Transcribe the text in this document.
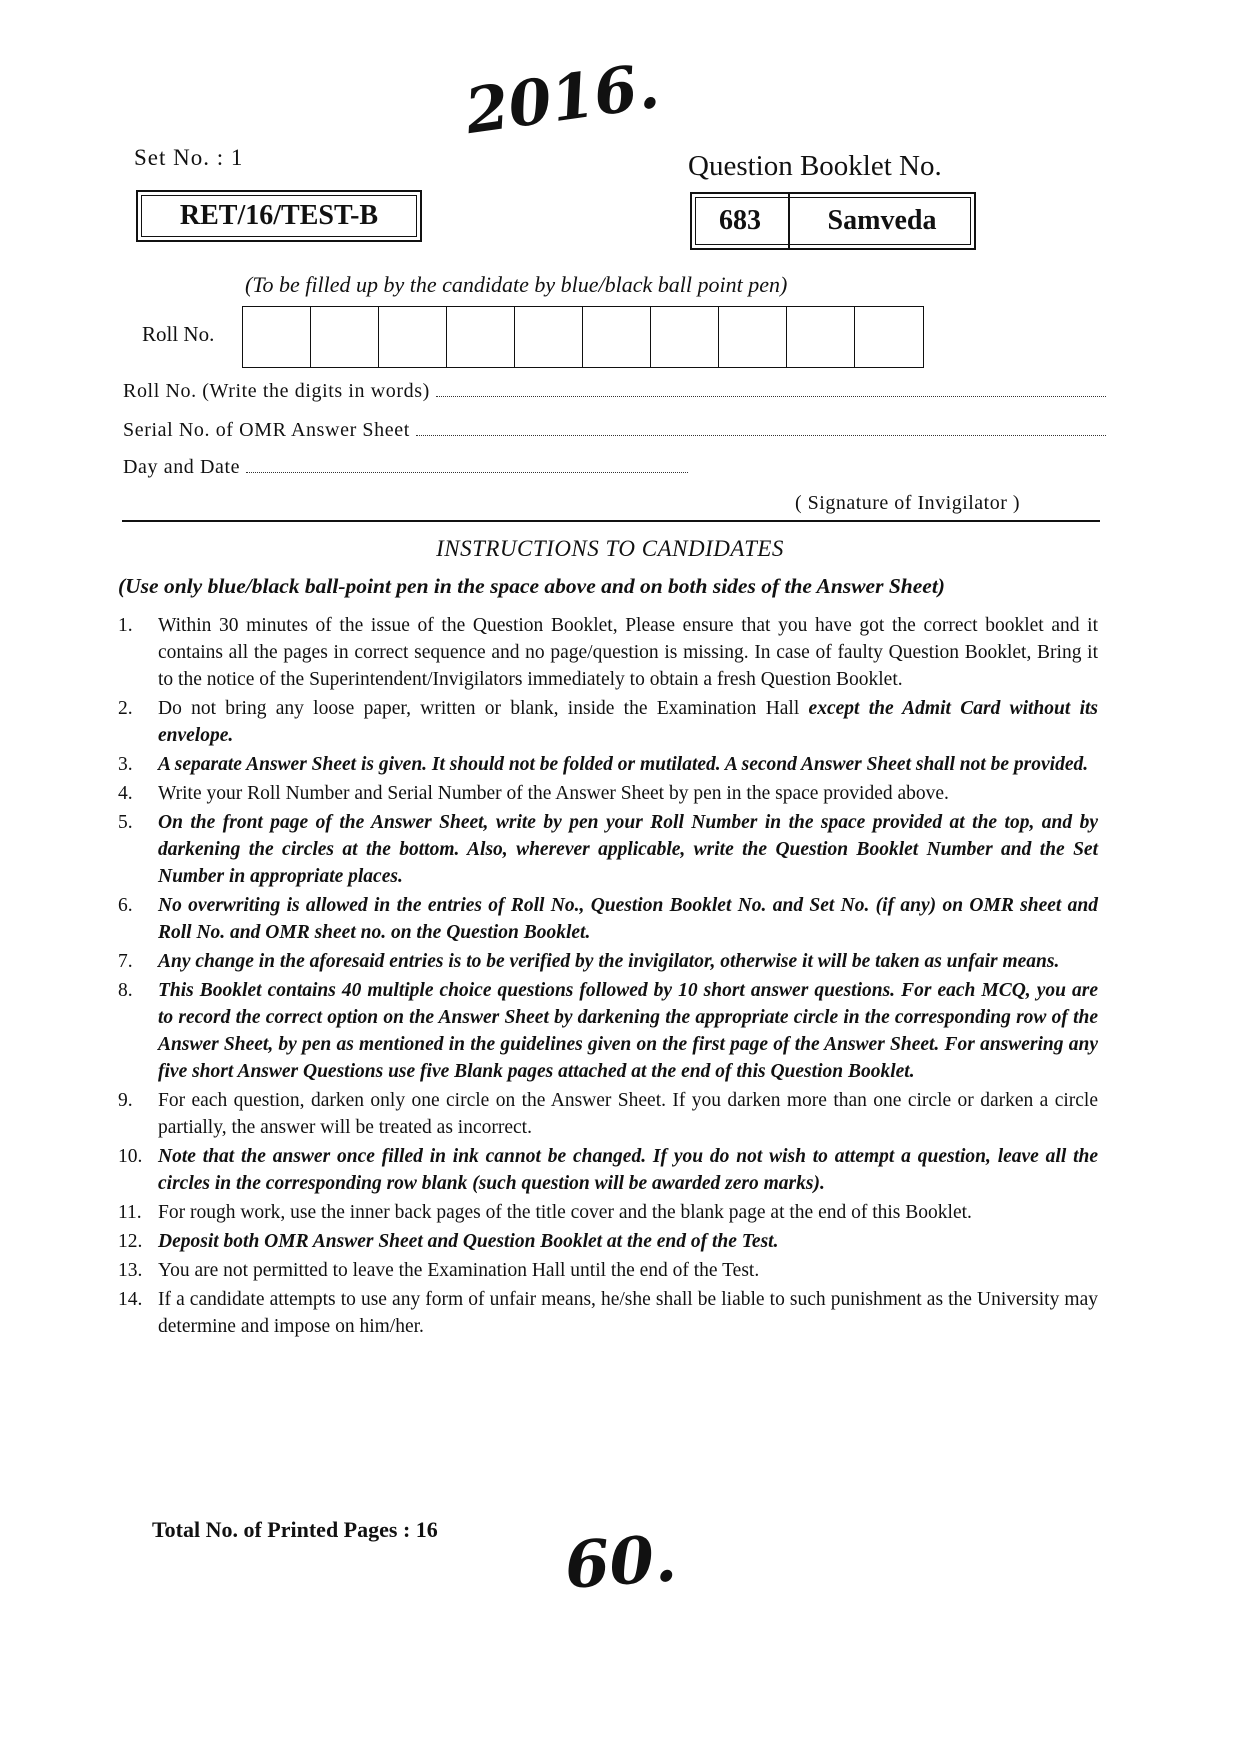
2016.
Set No. : 1
RET/16/TEST-B
Question Booklet No.
683	Samveda
(To be filled up by the candidate by blue/black ball point pen)
Roll No.
Roll No. (Write the digits in words)
Serial No. of OMR Answer Sheet
Day and Date
( Signature of Invigilator )
INSTRUCTIONS TO CANDIDATES
(Use only blue/black ball-point pen in the space above and on both sides of the Answer Sheet)
1.	Within 30 minutes of the issue of the Question Booklet, Please ensure that you have got the correct booklet and it contains all the pages in correct sequence and no page/question is missing. In case of faulty Question Booklet, Bring it to the notice of the Superintendent/Invigilators immediately to obtain a fresh Question Booklet.
2.	Do not bring any loose paper, written or blank, inside the Examination Hall except the Admit Card without its envelope.
3.	A separate Answer Sheet is given. It should not be folded or mutilated. A second Answer Sheet shall not be provided.
4.	Write your Roll Number and Serial Number of the Answer Sheet by pen in the space provided above.
5.	On the front page of the Answer Sheet, write by pen your Roll Number in the space provided at the top, and by darkening the circles at the bottom. Also, wherever applicable, write the Question Booklet Number and the Set Number in appropriate places.
6.	No overwriting is allowed in the entries of Roll No., Question Booklet No. and Set No. (if any) on OMR sheet and Roll No. and OMR sheet no. on the Question Booklet.
7.	Any change in the aforesaid entries is to be verified by the invigilator, otherwise it will be taken as unfair means.
8.	This Booklet contains 40 multiple choice questions followed by 10 short answer questions. For each MCQ, you are to record the correct option on the Answer Sheet by darkening the appropriate circle in the corresponding row of the Answer Sheet, by pen as mentioned in the guidelines given on the first page of the Answer Sheet. For answering any five short Answer Questions use five Blank pages attached at the end of this Question Booklet.
9.	For each question, darken only one circle on the Answer Sheet. If you darken more than one circle or darken a circle partially, the answer will be treated as incorrect.
10. Note that the answer once filled in ink cannot be changed. If you do not wish to attempt a question, leave all the circles in the corresponding row blank (such question will be awarded zero marks).
11. For rough work, use the inner back pages of the title cover and the blank page at the end of this Booklet.
12. Deposit both OMR Answer Sheet and Question Booklet at the end of the Test.
13. You are not permitted to leave the Examination Hall until the end of the Test.
14. If a candidate attempts to use any form of unfair means, he/she shall be liable to such punishment as the University may determine and impose on him/her.
Total No. of Printed Pages : 16 60.
